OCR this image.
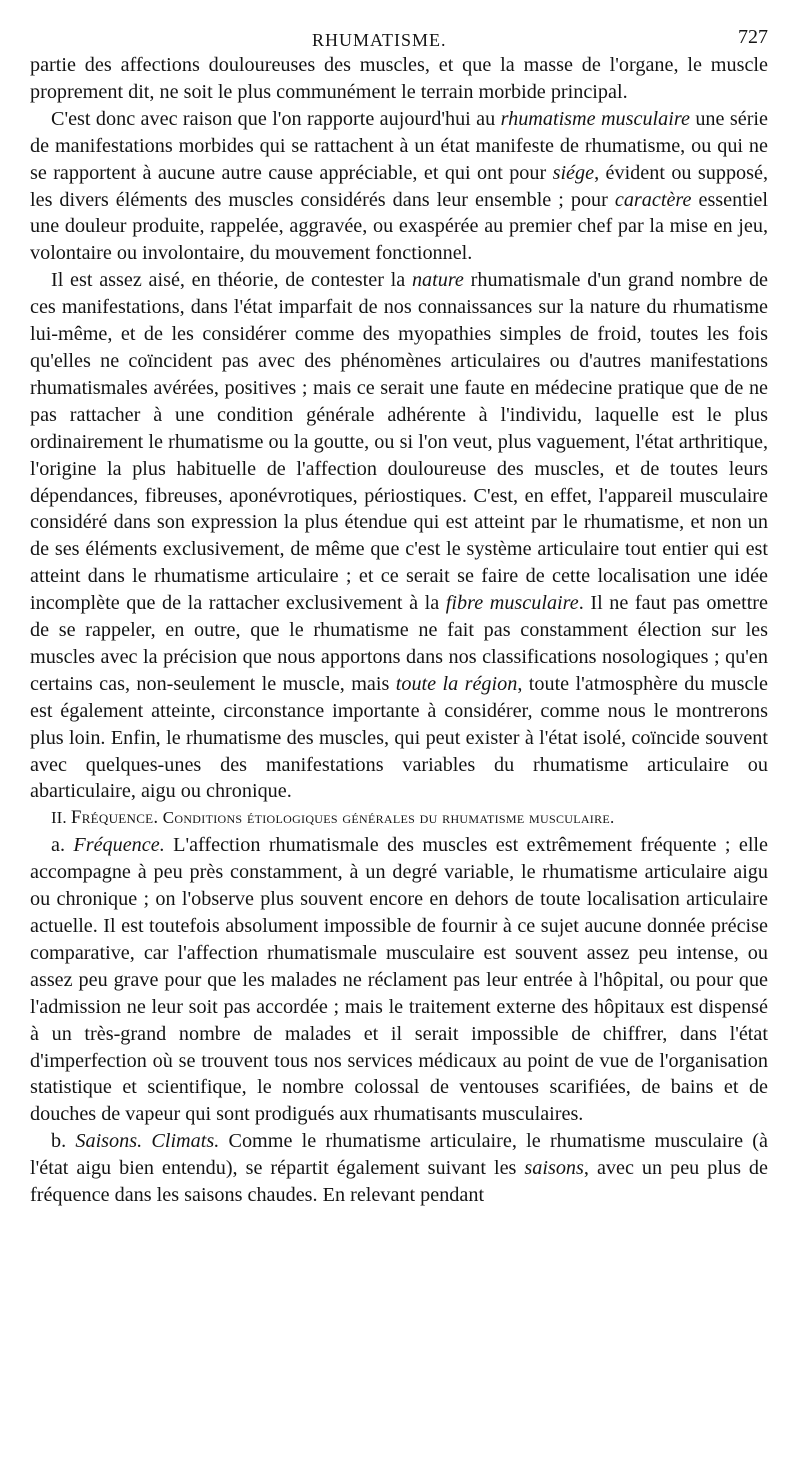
RHUMATISME.	727

partie des affections douloureuses des muscles, et que la masse de l'organe, le muscle proprement dit, ne soit le plus communément le terrain morbide principal.

C'est donc avec raison que l'on rapporte aujourd'hui au rhumatisme musculaire une série de manifestations morbides qui se rattachent à un état manifeste de rhumatisme, ou qui ne se rapportent à aucune autre cause appréciable, et qui ont pour siége, évident ou supposé, les divers éléments des muscles considérés dans leur ensemble ; pour caractère essentiel une douleur produite, rappelée, aggravée, ou exaspérée au premier chef par la mise en jeu, volontaire ou involontaire, du mouvement fonctionnel.

Il est assez aisé, en théorie, de contester la nature rhumatismale d'un grand nombre de ces manifestations, dans l'état imparfait de nos connaissances sur la nature du rhumatisme lui-même, et de les considérer comme des myopathies simples de froid, toutes les fois qu'elles ne coïncident pas avec des phénomènes articulaires ou d'autres manifestations rhumatismales avérées, positives ; mais ce serait une faute en médecine pratique que de ne pas rattacher à une condition générale adhérente à l'individu, laquelle est le plus ordinairement le rhumatisme ou la goutte, ou si l'on veut, plus vaguement, l'état arthritique, l'origine la plus habituelle de l'affection douloureuse des muscles, et de toutes leurs dépendances, fibreuses, aponévrotiques, périostiques. C'est, en effet, l'appareil musculaire considéré dans son expression la plus étendue qui est atteint par le rhumatisme, et non un de ses éléments exclusivement, de même que c'est le système articulaire tout entier qui est atteint dans le rhumatisme articulaire ; et ce serait se faire de cette localisation une idée incomplète que de la rattacher exclusivement à la fibre musculaire. Il ne faut pas omettre de se rappeler, en outre, que le rhumatisme ne fait pas constamment élection sur les muscles avec la précision que nous apportons dans nos classifications nosologiques ; qu'en certains cas, non-seulement le muscle, mais toute la région, toute l'atmosphère du muscle est également atteinte, circonstance importante à considérer, comme nous le montrerons plus loin. Enfin, le rhumatisme des muscles, qui peut exister à l'état isolé, coïncide souvent avec quelques-unes des manifestations variables du rhumatisme articulaire ou abarticulaire, aigu ou chronique.

II. Fréquence. Conditions étiologiques générales du rhumatisme musculaire.

a. Fréquence. L'affection rhumatismale des muscles est extrêmement fréquente ; elle accompagne à peu près constamment, à un degré variable, le rhumatisme articulaire aigu ou chronique ; on l'observe plus souvent encore en dehors de toute localisation articulaire actuelle. Il est toutefois absolument impossible de fournir à ce sujet aucune donnée précise comparative, car l'affection rhumatismale musculaire est souvent assez peu intense, ou assez peu grave pour que les malades ne réclament pas leur entrée à l'hôpital, ou pour que l'admission ne leur soit pas accordée ; mais le traitement externe des hôpitaux est dispensé à un très-grand nombre de malades et il serait impossible de chiffrer, dans l'état d'imperfection où se trouvent tous nos services médicaux au point de vue de l'organisation statistique et scientifique, le nombre colossal de ventouses scarifiées, de bains et de douches de vapeur qui sont prodigués aux rhumatisants musculaires.

b. Saisons. Climats. Comme le rhumatisme articulaire, le rhumatisme musculaire (à l'état aigu bien entendu), se répartit également suivant les saisons, avec un peu plus de fréquence dans les saisons chaudes. En relevant pendant
